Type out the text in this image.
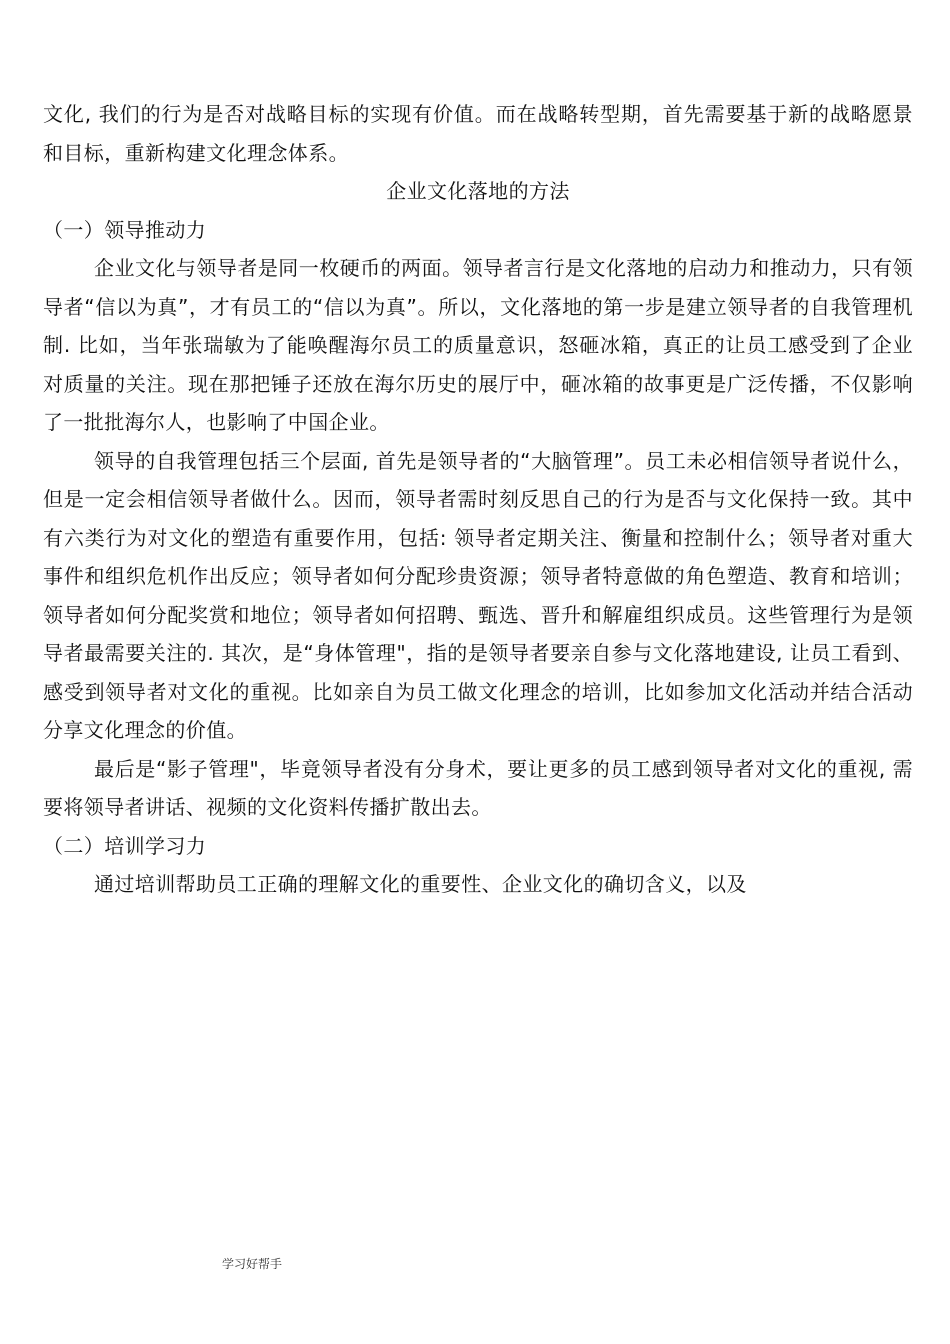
文化, 我们的行为是否对战略目标的实现有价值。而在战略转型期，首先需要基于新的战略愿景和目标，重新构建文化理念体系。

企业文化落地的方法

（一）领导推动力

企业文化与领导者是同一枚硬币的两面。领导者言行是文化落地的启动力和推动力，只有领导者“信以为真”，才有员工的“信以为真”。所以，文化落地的第一步是建立领导者的自我管理机制. 比如，当年张瑞敏为了能唤醒海尔员工的质量意识，怒砸冰箱，真正的让员工感受到了企业对质量的关注。现在那把锤子还放在海尔历史的展厅中，砸冰箱的故事更是广泛传播，不仅影响了一批批海尔人，也影响了中国企业。

领导的自我管理包括三个层面, 首先是领导者的“大脑管理”。员工未必相信领导者说什么，但是一定会相信领导者做什么。因而，领导者需时刻反思自己的行为是否与文化保持一致。其中有六类行为对文化的塑造有重要作用，包括: 领导者定期关注、衡量和控制什么；领导者对重大事件和组织危机作出反应；领导者如何分配珍贵资源；领导者特意做的角色塑造、教育和培训；领导者如何分配奖赏和地位；领导者如何招聘、甄选、晋升和解雇组织成员。这些管理行为是领导者最需要关注的. 其次，是“身体管理"，指的是领导者要亲自参与文化落地建设, 让员工看到、感受到领导者对文化的重视。比如亲自为员工做文化理念的培训，比如参加文化活动并结合活动分享文化理念的价值。

最后是“影子管理"，毕竟领导者没有分身术，要让更多的员工感到领导者对文化的重视, 需要将领导者讲话、视频的文化资料传播扩散出去。

（二）培训学习力

通过培训帮助员工正确的理解文化的重要性、企业文化的确切含义，以及

学习好帮手
